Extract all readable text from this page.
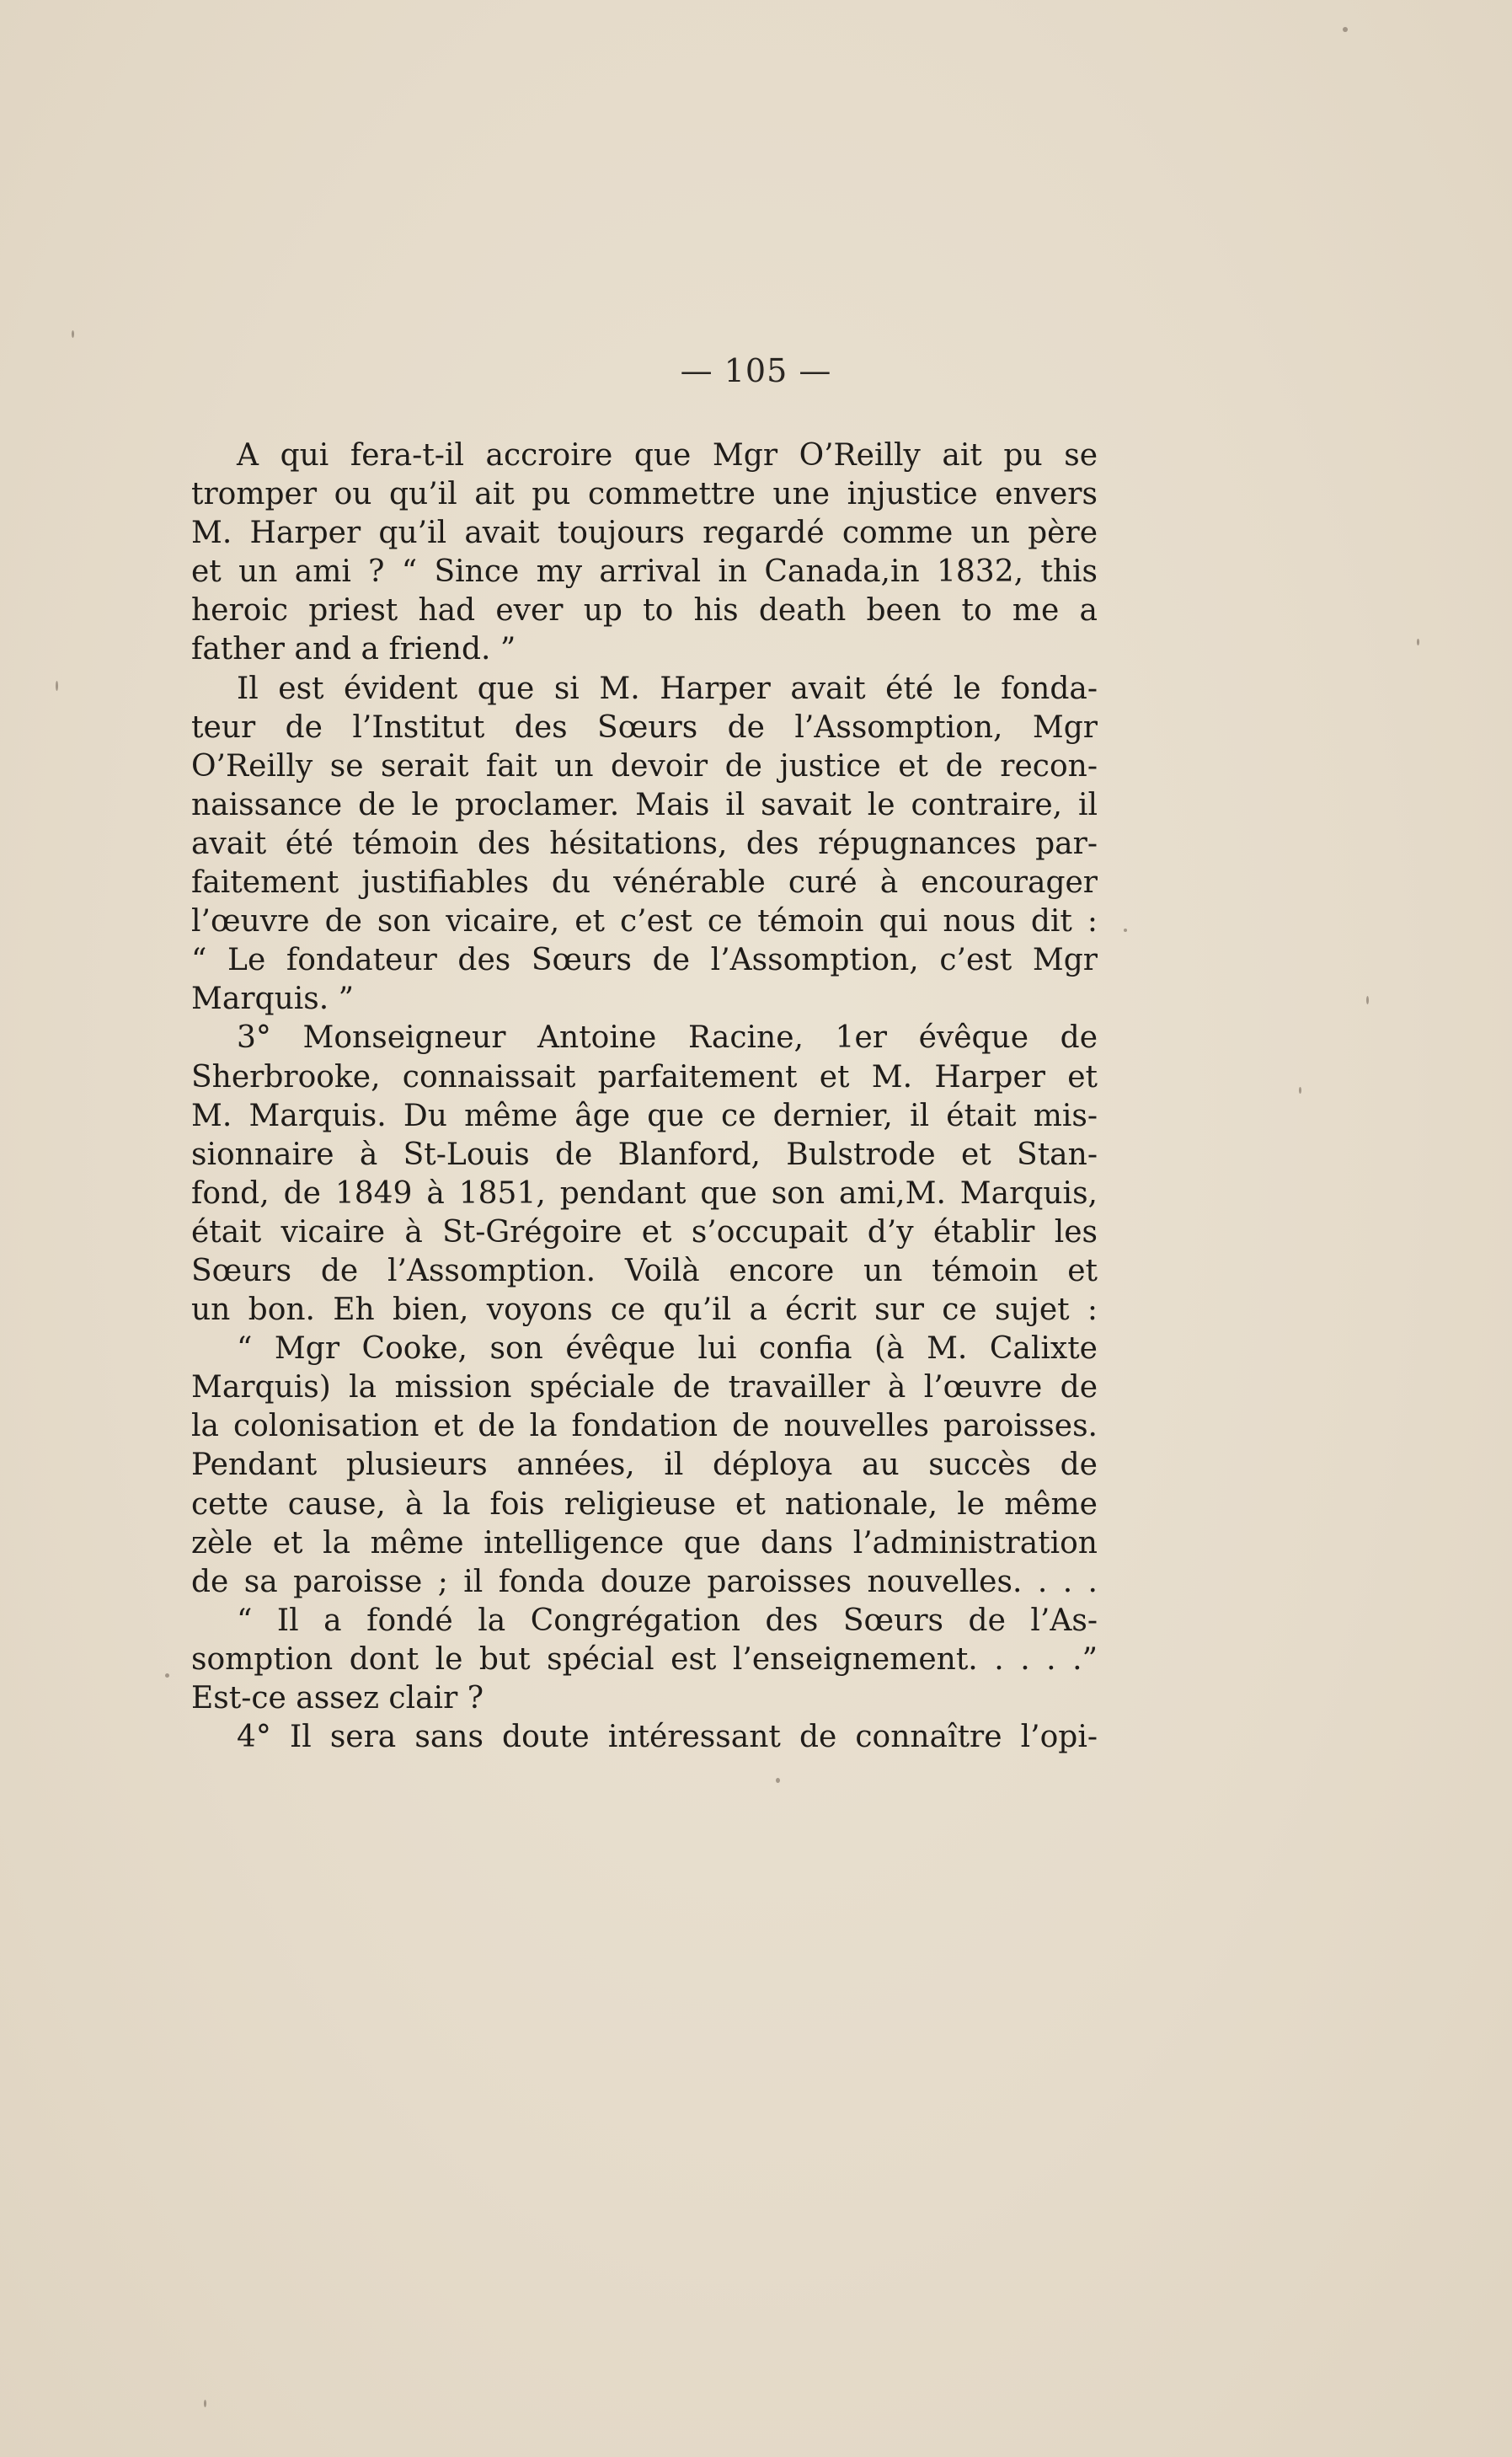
— 105 —
A qui fera-t-il accroire que Mgr O’Reilly ait pu se
tromper ou qu’il ait pu commettre une injustice envers
M. Harper qu’il avait toujours regardé comme un père
et un ami ? “ Since my arrival in Canada,in 1832, this
heroic priest had ever up to his death been to me a
father and a friend. ”
Il est évident que si M. Harper avait été le fonda-
teur de l’Institut des Sœurs de l’Assomption, Mgr
O’Reilly se serait fait un devoir de justice et de recon-
naissance de le proclamer. Mais il savait le contraire, il
avait été témoin des hésitations, des répugnances par-
faitement justifiables du vénérable curé à encourager
l’œuvre de son vicaire, et c’est ce témoin qui nous dit :
“ Le fondateur des Sœurs de l’Assomption, c’est Mgr
Marquis. ”
3° Monseigneur Antoine Racine, 1er évêque de
Sherbrooke, connaissait parfaitement et M. Harper et
M. Marquis. Du même âge que ce dernier, il était mis-
sionnaire à St-Louis de Blanford, Bulstrode et Stan-
fond, de 1849 à 1851, pendant que son ami,M. Marquis,
était vicaire à St-Grégoire et s’occupait d’y établir les
Sœurs de l’Assomption. Voilà encore un témoin et
un bon. Eh bien, voyons ce qu’il a écrit sur ce sujet :
“ Mgr Cooke, son évêque lui confia (à M. Calixte
Marquis) la mission spéciale de travailler à l’œuvre de
la colonisation et de la fondation de nouvelles paroisses.
Pendant plusieurs années, il déploya au succès de
cette cause, à la fois religieuse et nationale, le même
zèle et la même intelligence que dans l’administration
de sa paroisse ; il fonda douze paroisses nouvelles. . . .
“ Il a fondé la Congrégation des Sœurs de l’As-
somption dont le but spécial est l’enseignement. . . . .”
Est-ce assez clair ?
4° Il sera sans doute intéressant de connaître l’opi-
